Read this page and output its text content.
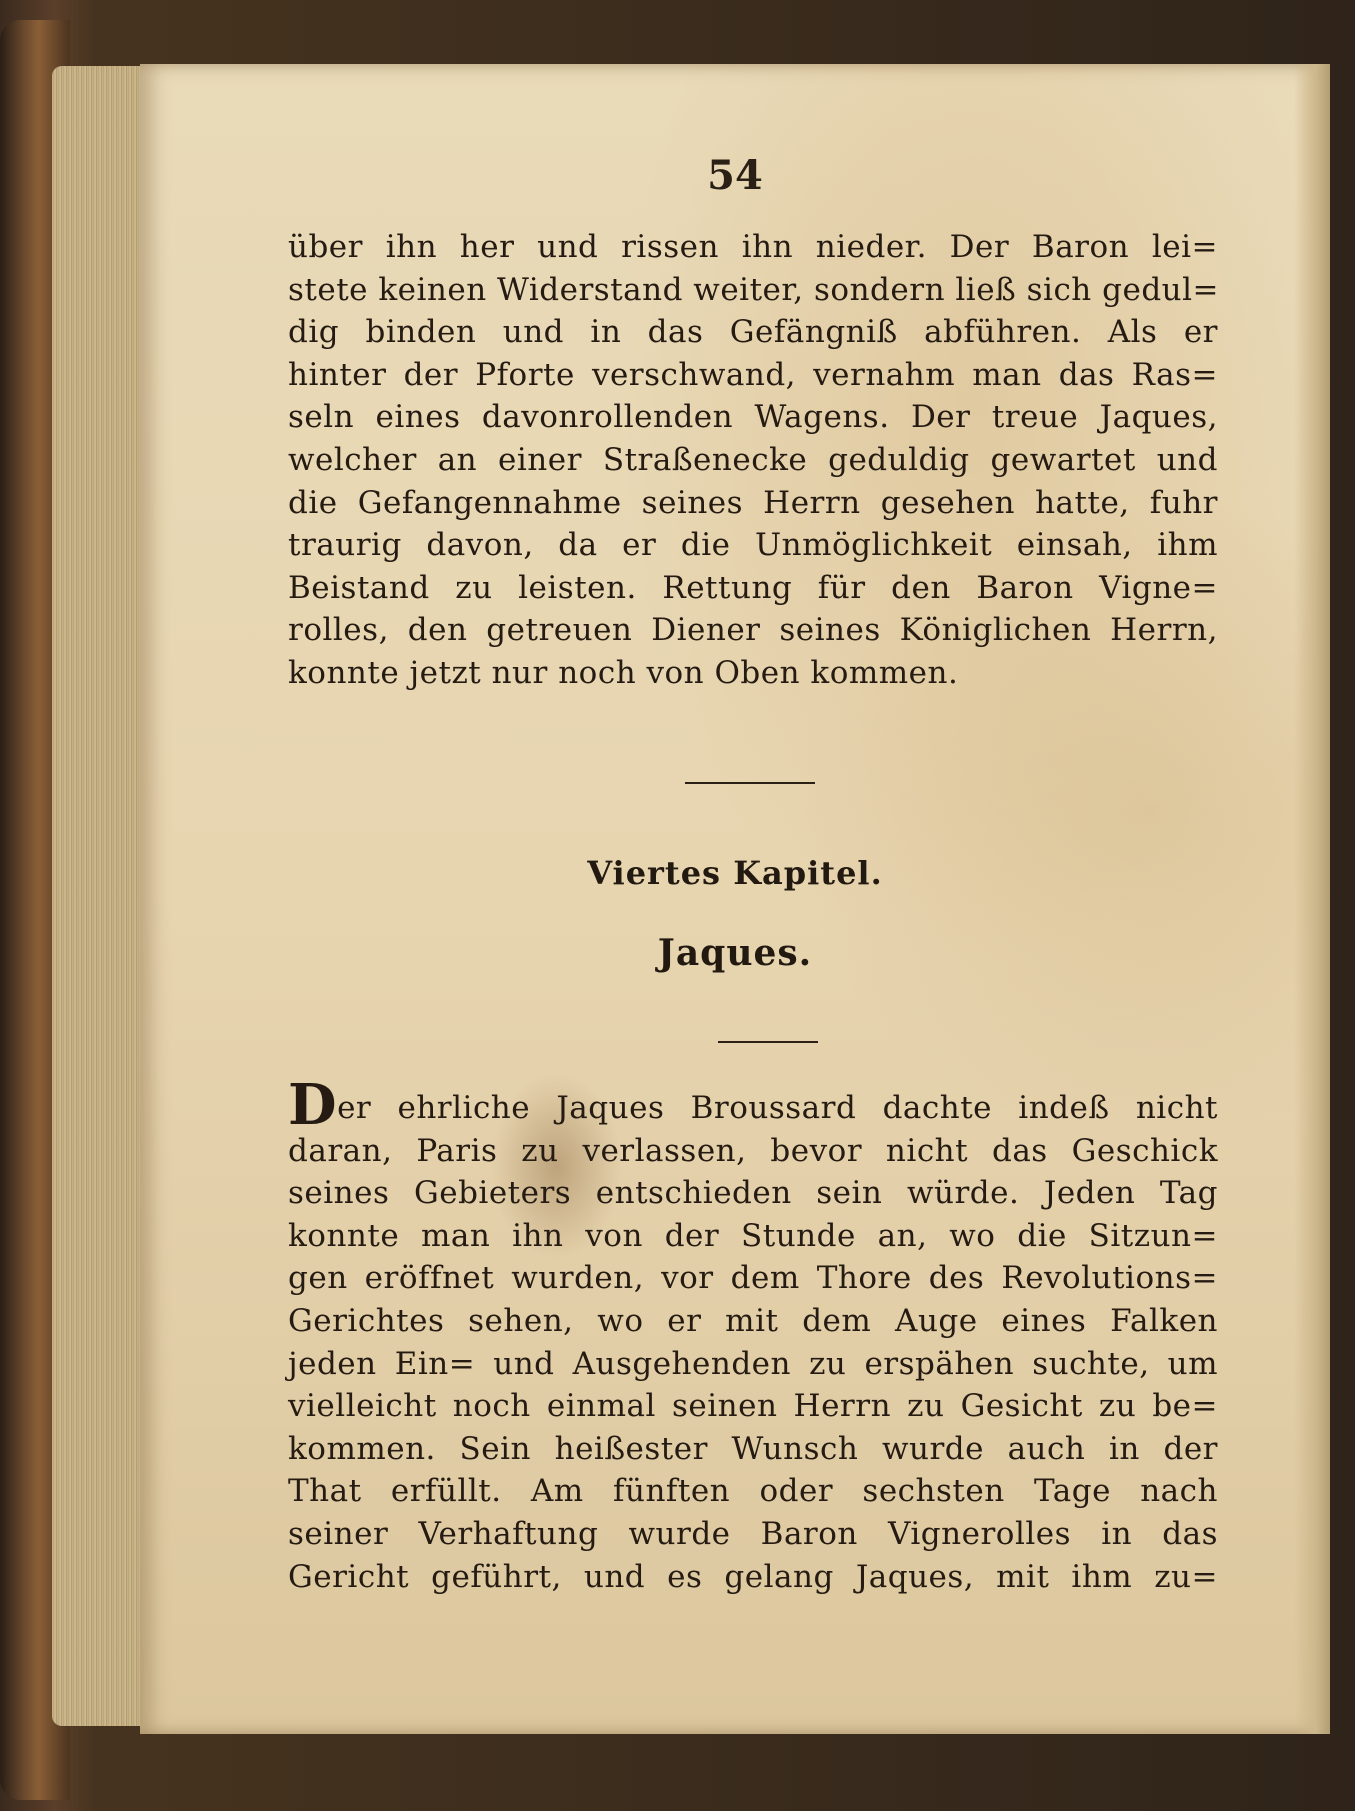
54
über ihn her und rissen ihn nieder. Der Baron lei=
stete keinen Widerstand weiter, sondern ließ sich gedul=
dig binden und in das Gefängniß abführen. Als er
hinter der Pforte verschwand, vernahm man das Ras=
seln eines davonrollenden Wagens. Der treue Jaques,
welcher an einer Straßenecke geduldig gewartet und
die Gefangennahme seines Herrn gesehen hatte, fuhr
traurig davon, da er die Unmöglichkeit einsah, ihm
Beistand zu leisten. Rettung für den Baron Vigne=
rolles, den getreuen Diener seines Königlichen Herrn,
konnte jetzt nur noch von Oben kommen.
Viertes Kapitel.
Jaques.
Der ehrliche Jaques Broussard dachte indeß nicht
daran, Paris zu verlassen, bevor nicht das Geschick
seines Gebieters entschieden sein würde. Jeden Tag
konnte man ihn von der Stunde an, wo die Sitzun=
gen eröffnet wurden, vor dem Thore des Revolutions=
Gerichtes sehen, wo er mit dem Auge eines Falken
jeden Ein= und Ausgehenden zu erspähen suchte, um
vielleicht noch einmal seinen Herrn zu Gesicht zu be=
kommen. Sein heißester Wunsch wurde auch in der
That erfüllt. Am fünften oder sechsten Tage nach
seiner Verhaftung wurde Baron Vignerolles in das
Gericht geführt, und es gelang Jaques, mit ihm zu=
